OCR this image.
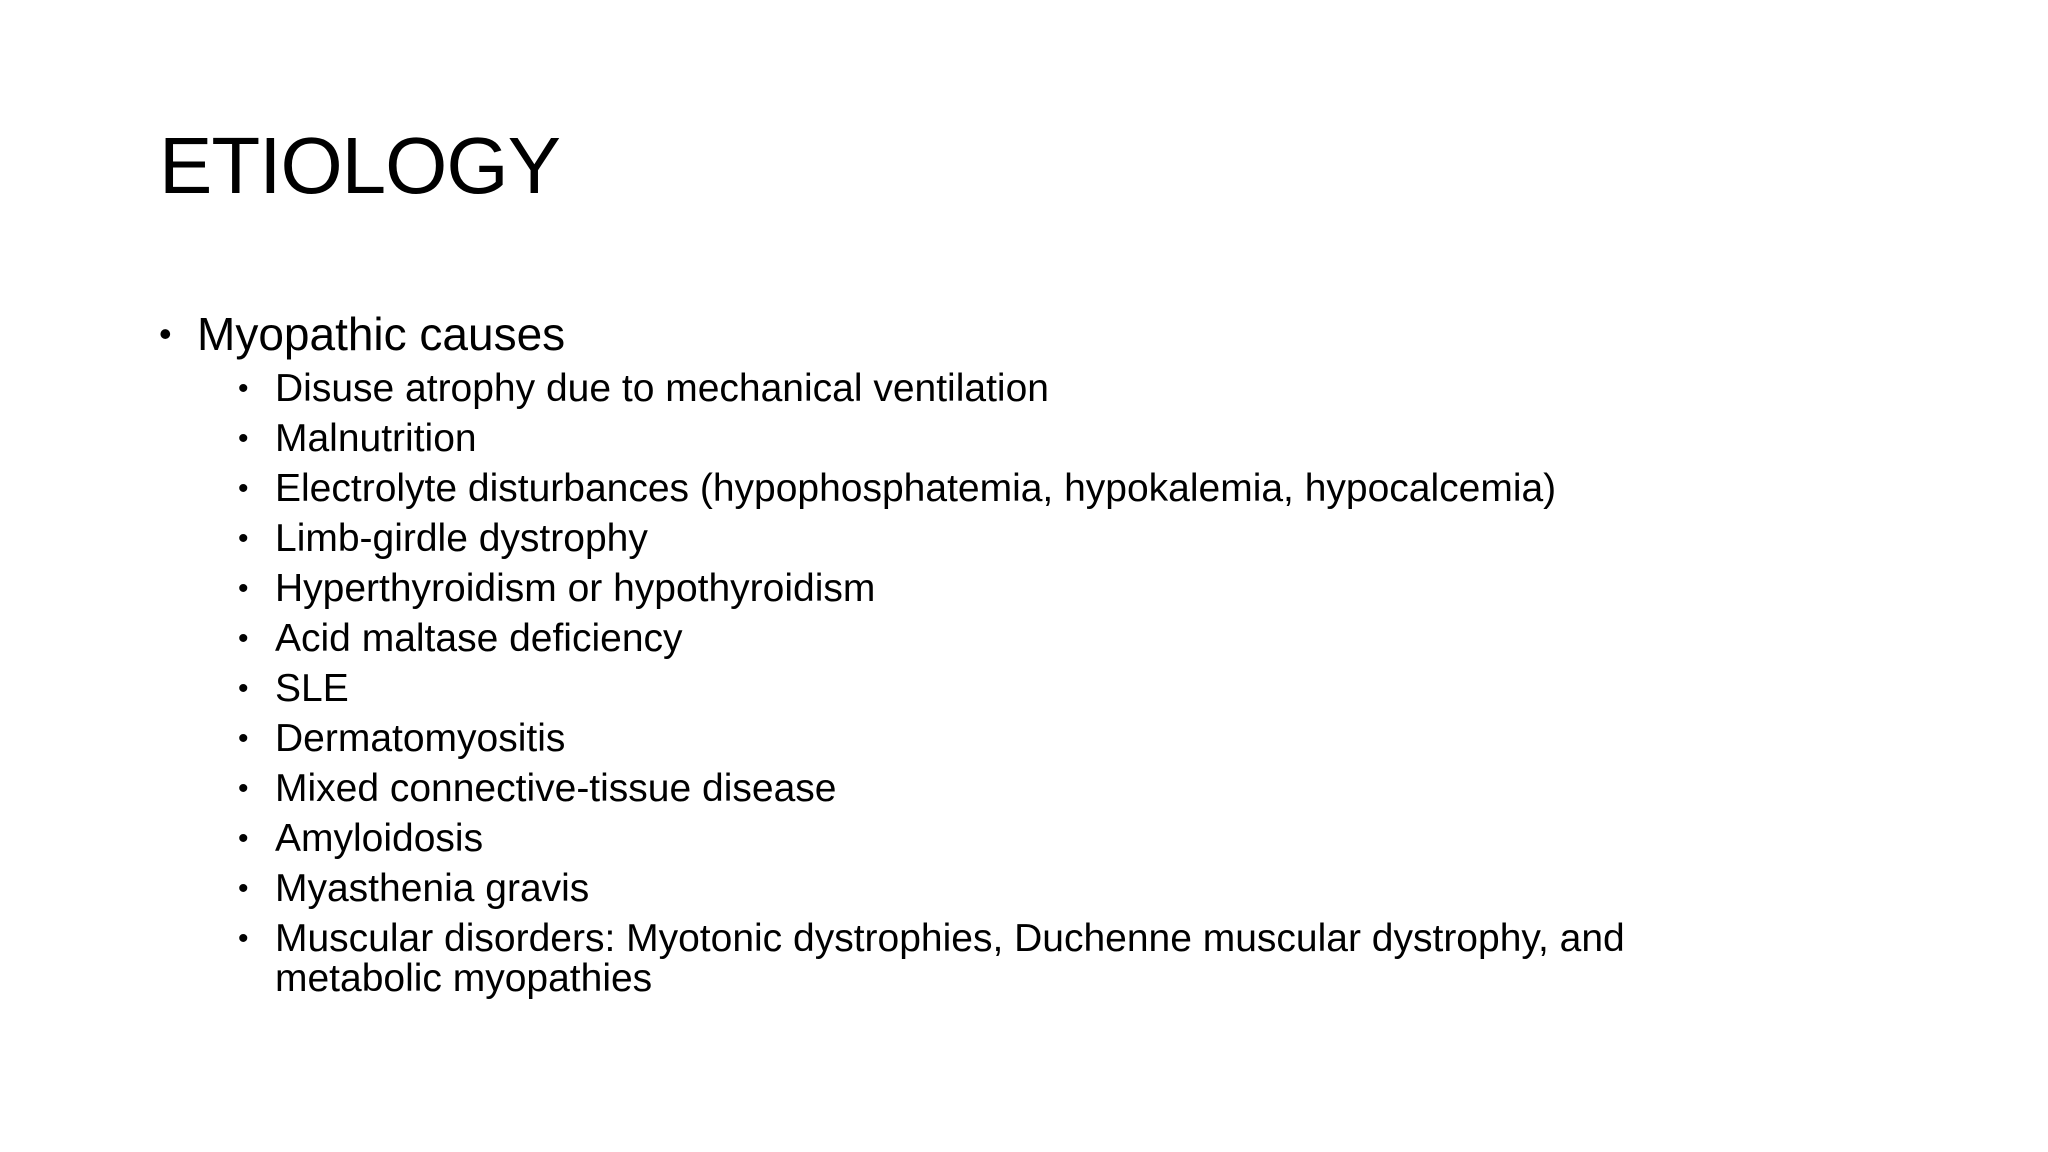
ETIOLOGY
• Myopathic causes
• Disuse atrophy due to mechanical ventilation
• Malnutrition
• Electrolyte disturbances (hypophosphatemia, hypokalemia, hypocalcemia)
• Limb-girdle dystrophy
• Hyperthyroidism or hypothyroidism
• Acid maltase deficiency
• SLE
• Dermatomyositis
• Mixed connective-tissue disease
• Amyloidosis
• Myasthenia gravis
• Muscular disorders: Myotonic dystrophies, Duchenne muscular dystrophy, and metabolic myopathies
